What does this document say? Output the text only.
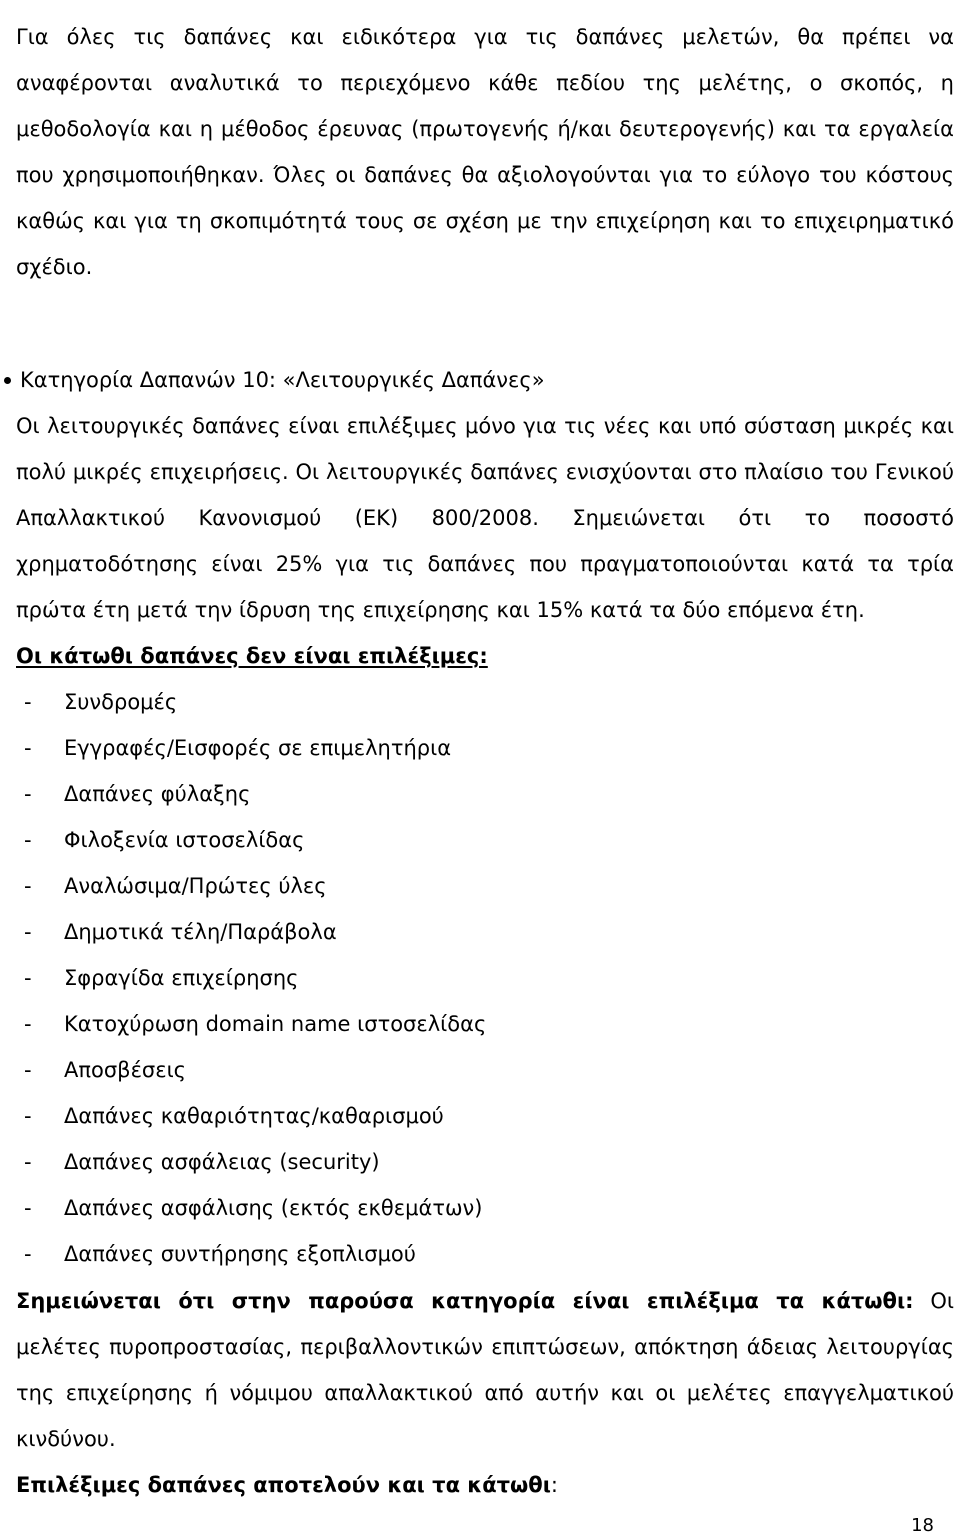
Για όλες τις δαπάνες και ειδικότερα για τις δαπάνες μελετών, θα πρέπει να αναφέρονται αναλυτικά το περιεχόμενο κάθε πεδίου της μελέτης, ο σκοπός, η μεθοδολογία και η μέθοδος έρευνας (πρωτογενής ή/και δευτερογενής) και τα εργαλεία που χρησιμοποιήθηκαν. Όλες οι δαπάνες θα αξιολογούνται για το εύλογο του κόστους καθώς και για τη σκοπιμότητά τους σε σχέση με την επιχείρηση και το επιχειρηματικό σχέδιο.

Κατηγορία Δαπανών 10: «Λειτουργικές Δαπάνες»

Οι λειτουργικές δαπάνες είναι επιλέξιμες μόνο για τις νέες και υπό σύσταση μικρές και πολύ μικρές επιχειρήσεις. Οι λειτουργικές δαπάνες ενισχύονται στο πλαίσιο του Γενικού Απαλλακτικού Κανονισμού (ΕΚ) 800/2008. Σημειώνεται ότι το ποσοστό χρηματοδότησης είναι 25% για τις δαπάνες που πραγματοποιούνται κατά τα τρία πρώτα έτη μετά την ίδρυση της επιχείρησης και 15% κατά τα δύο επόμενα έτη.

Οι κάτωθι δαπάνες δεν είναι επιλέξιμες:

- Συνδρομές
- Εγγραφές/Εισφορές σε επιμελητήρια
- Δαπάνες φύλαξης
- Φιλοξενία ιστοσελίδας
- Αναλώσιμα/Πρώτες ύλες
- Δημοτικά τέλη/Παράβολα
- Σφραγίδα επιχείρησης
- Κατοχύρωση domain name ιστοσελίδας
- Αποσβέσεις
- Δαπάνες καθαριότητας/καθαρισμού
- Δαπάνες ασφάλειας (security)
- Δαπάνες ασφάλισης (εκτός εκθεμάτων)
- Δαπάνες συντήρησης εξοπλισμού

Σημειώνεται ότι στην παρούσα κατηγορία είναι επιλέξιμα τα κάτωθι: Οι μελέτες πυροπροστασίας, περιβαλλοντικών επιπτώσεων, απόκτηση άδειας λειτουργίας της επιχείρησης ή νόμιμου απαλλακτικού από αυτήν και οι μελέτες επαγγελματικού κινδύνου.

Επιλέξιμες δαπάνες αποτελούν και τα κάτωθι:

18
